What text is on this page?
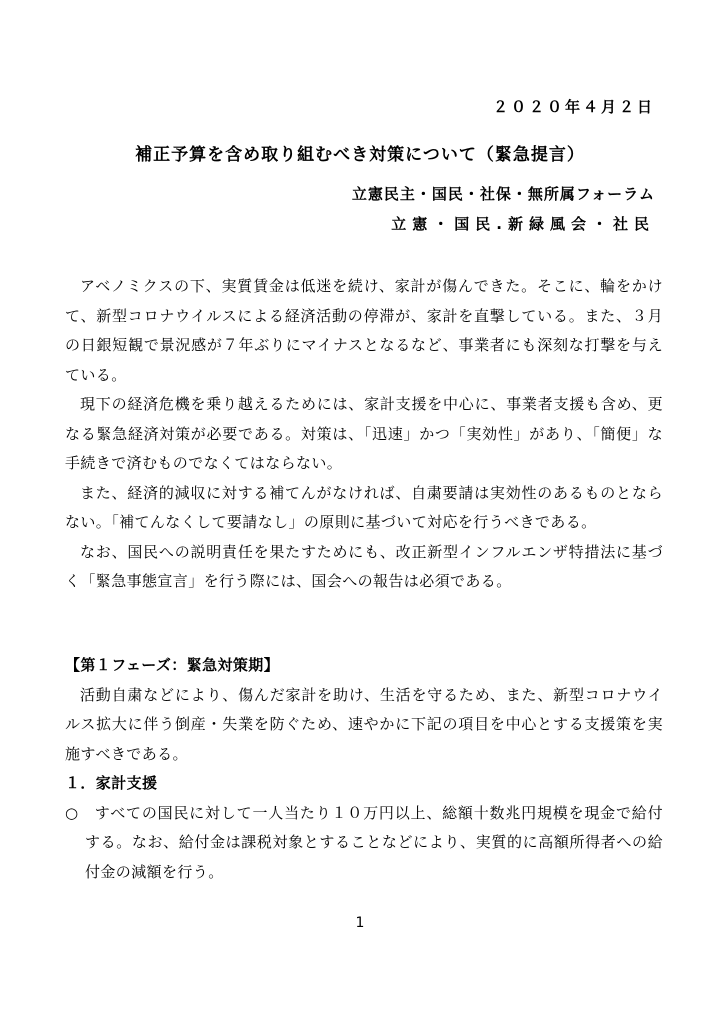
２０２０年４月２日
補正予算を含め取り組むべき対策について（緊急提言）
立憲民主・国民・社保・無所属フォーラム
立憲・国民.新緑風会・社民

アベノミクスの下、実質賃金は低迷を続け、家計が傷んできた。そこに、輪をかけて、新型コロナウイルスによる経済活動の停滞が、家計を直撃している。また、３月の日銀短観で景況感が７年ぶりにマイナスとなるなど、事業者にも深刻な打撃を与えている。

現下の経済危機を乗り越えるためには、家計支援を中心に、事業者支援も含め、更なる緊急経済対策が必要である。対策は、「迅速」かつ「実効性」があり、「簡便」な手続きで済むものでなくてはならない。

また、経済的減収に対する補てんがなければ、自粛要請は実効性のあるものとならない。「補てんなくして要請なし」の原則に基づいて対応を行うべきである。

なお、国民への説明責任を果たすためにも、改正新型インフルエンザ特措法に基づく「緊急事態宣言」を行う際には、国会への報告は必須である。

【第１フェーズ：緊急対策期】

活動自粛などにより、傷んだ家計を助け、生活を守るため、また、新型コロナウイルス拡大に伴う倒産・失業を防ぐため、速やかに下記の項目を中心とする支援策を実施すべきである。

１．家計支援

○　 すべての国民に対して一人当たり１０万円以上、総額十数兆円規模を現金で給付する。なお、給付金は課税対象とすることなどにより、実質的に高額所得者への給付金の減額を行う。

1
